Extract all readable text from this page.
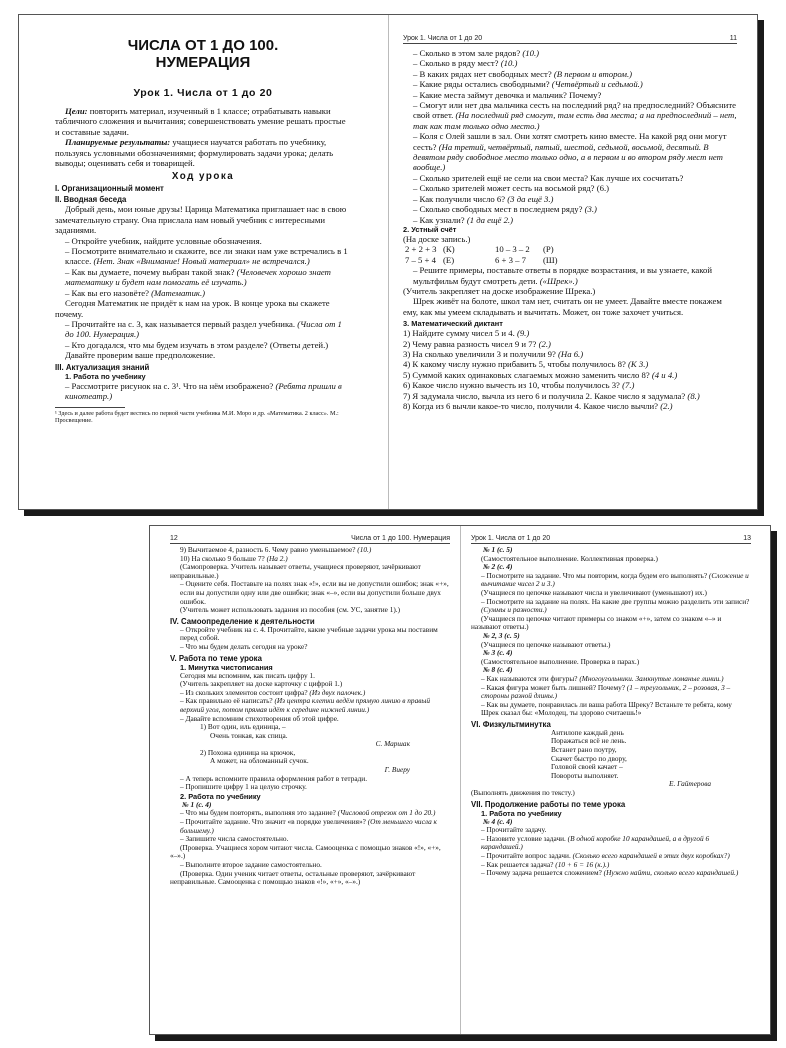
ЧИСЛА ОТ 1 ДО 100.
НУМЕРАЦИЯ
Урок 1. Числа от 1 до 20

Цели: повторить материал, изученный в 1 классе; отрабатывать навыки табличного сложения и вычитания; совершенствовать умение решать простые и составные задачи.

Планируемые результаты: учащиеся научатся работать по учебнику, пользуясь условными обозначениями; формулировать задачи урока; делать выводы; оценивать себя и товарищей.

Ход урока
I. Организационный момент
II. Вводная беседа

Добрый день, мои юные друзы! Царица Математика приглашает нас в свою замечательную страну. Она прислала нам новый учебник с интересными заданиями.

– Откройте учебник, найдите условные обозначения.

– Посмотрите внимательно и скажите, все ли знаки нам уже встречались в 1 классе. (Нет. Знак «Внимание! Новый материал» не встречался.)

– Как вы думаете, почему выбран такой знак? (Человечек хорошо знает математику и будет нам помогать её изучать.)

– Как вы его назовёте? (Математик.)

Сегодня Математик не придёт к нам на урок. В конце урока вы скажете почему.

– Прочитайте на с. 3, как называется первый раздел учебника. (Числа от 1 до 100. Нумерация.)

– Кто догадался, что мы будем изучать в этом разделе? (Ответы детей.)

Давайте проверим ваше предположение.

III. Актуализация знаний
1. Работа по учебнику

– Рассмотрите рисунок на с. 3¹. Что на нём изображено? (Ребята пришли в кинотеатр.)

¹ Здесь и далее работа будет вестись по первой части учебника М.И. Моро и др. «Математика. 2 класс». М.: Просвещение.
Урок 1. Числа от 1 до 20	11

– Сколько в этом зале рядов? (10.)

– Сколько в ряду мест? (10.)

– В каких рядах нет свободных мест? (В первом и втором.)

– Какие ряды остались свободными? (Четвёртый и седьмой.)

– Какие места займут девочка и мальчик? Почему?

– Смогут или нет два мальчика сесть на последний ряд? на предпоследний? Объясните свой ответ. (На последний ряд смогут, там есть два места; а на предпоследний – нет, так как там только одно место.)

– Коля с Олей зашли в зал. Они хотят смотреть кино вместе. На какой ряд они могут сесть? (На третий, четвёртый, пятый, шестой, седьмой, восьмой, десятый. В девятом ряду свободное место только одно, а в первом и во втором ряду мест нет вообще.)

– Сколько зрителей ещё не сели на свои места? Как лучше их сосчитать?

– Сколько зрителей может сесть на восьмой ряд? (6.)

– Как получили число 6? (3 да ещё 3.)

– Сколько свободных мест в последнем ряду? (3.)

– Как узнали? (1 да ещё 2.)

2. Устный счёт
(На доске запись.)
2 + 2 + 3 (К)	10 – 3 – 2	(Р)
7 – 5 + 4 (Е)	6 + 3 – 7	(Ш)

– Решите примеры, поставьте ответы в порядке возрастания, и вы узнаете, какой мультфильм будут смотреть дети. («Шрек».)

(Учитель закрепляет на доске изображение Шрека.)

Шрек живёт на болоте, школ там нет, считать он не умеет. Давайте вместе покажем ему, как мы умеем складывать и вычитать. Может, он тоже захочет учиться.

3. Математический диктант

1) Найдите сумму чисел 5 и 4. (9.)

2) Чему равна разность чисел 9 и 7? (2.)

3) На сколько увеличили 3 и получили 9? (На 6.)

4) К какому числу нужно прибавить 5, чтобы получилось 8? (К 3.)

5) Суммой каких одинаковых слагаемых можно заменить число 8? (4 и 4.)

6) Какое число нужно вычесть из 10, чтобы получилось 3? (7.)

7) Я задумала число, вычла из него 6 и получила 2. Какое число я задумала? (8.)

8) Когда из 6 вычли какое-то число, получили 4. Какое число вычли? (2.)

12	Числа от 1 до 100. Нумерация

9) Вычитаемое 4, разность 6. Чему равно уменьшаемое? (10.)

10) На сколько 9 больше 7? (На 2.)

(Самопроверка. Учитель называет ответы, учащиеся проверяют, зачёркивают неправильные.)

– Оцените себя. Поставьте на полях знак «!», если вы не допустили ошибок; знак «+», если вы допустили одну или две ошибки; знак «–», если вы допустили больше двух ошибок.

(Учитель может использовать задания из пособия (см. УС, занятие 1).)

IV. Самоопределение к деятельности

– Откройте учебник на с. 4. Прочитайте, какие учебные задачи урока мы поставим перед собой.

– Что мы будем делать сегодня на уроке?

V. Работа по теме урока
1. Минутка чистописания

Сегодня мы вспомним, как писать цифру 1.

(Учитель закрепляет на доске карточку с цифрой 1.)

– Из скольких элементов состоит цифра? (Из двух палочек.)

– Как правильно её написать? (Из центра клетки ведём прямую линию в правый верхний угол, потом прямая идёт к середине нижней линии.)

– Давайте вспомним стихотворения об этой цифре.

1) Вот один, иль единица, –

Очень тонкая, как спица.

С. Маршак

2) Похожа единица на крючок,

А может, на обломанный сучок.

Г. Виеру

– А теперь вспомните правила оформления работ в тетради.

– Пропишите цифру 1 на целую строчку.

2. Работа по учебнику
№ 1 (с. 4)

– Что мы будем повторять, выполняя это задание? (Числовой отрезок от 1 до 20.)

– Прочитайте задание. Что значит «в порядке увеличения»? (От меньшего числа к большему.)

– Запишите числа самостоятельно.

(Проверка. Учащиеся хором читают числа. Самооценка с помощью знаков «!», «+», «–».)

– Выполните второе задание самостоятельно.

(Проверка. Один ученик читает ответы, остальные проверяют, зачёркивают неправильные. Самооценка с помощью знаков «!», «+», «–».)

Урок 1. Числа от 1 до 20	13

№ 1 (с. 5)

(Самостоятельное выполнение. Коллективная проверка.)

№ 2 (с. 4)

– Посмотрите на задание. Что мы повторим, когда будем его выполнять? (Сложение и вычитание чисел 2 и 3.)

(Учащиеся по цепочке называют числа и увеличивают (уменьшают) их.)

– Посмотрите на задание на полях. На какие две группы можно разделить эти записи? (Суммы и разности.)

(Учащиеся по цепочке читают примеры со знаком «+», затем со знаком «–» и называют ответы.)

№ 2, 3 (с. 5)

(Учащиеся по цепочке называют ответы.)

№ 3 (с. 4)

(Самостоятельное выполнение. Проверка в парах.)

№ 8 (с. 4)

– Как называются эти фигуры? (Многоугольники. Замкнутые ломаные линии.)

– Какая фигура может быть лишней? Почему? (1 – треугольник, 2 – розовая, 3 – стороны разной длины.)

– Как вы думаете, понравилась ли ваша работа Шреку? Встаньте те ребята, кому Шрек сказал бы: «Молодец, ты здорово считаешь!»

VI. Физкультминутка

Антилопе каждый день

Поражаться всё не лень.

Встанет рано поутру,

Скачет быстро по двору,

Головой своей качает –

Повороты выполняет.

Е. Гайтерова
(Выполнять движения по тексту.)
VII. Продолжение работы по теме урока
1. Работа по учебнику
№ 4 (с. 4)

– Прочитайте задачу.

– Назовите условие задачи. (В одной коробке 10 карандашей, а в другой 6 карандашей.)

– Прочитайте вопрос задачи. (Сколько всего карандашей в этих двух коробках?)

– Как решается задача? (10 + 6 = 16 (к.).)

– Почему задача решается сложением? (Нужно найти, сколько всего карандашей.)
